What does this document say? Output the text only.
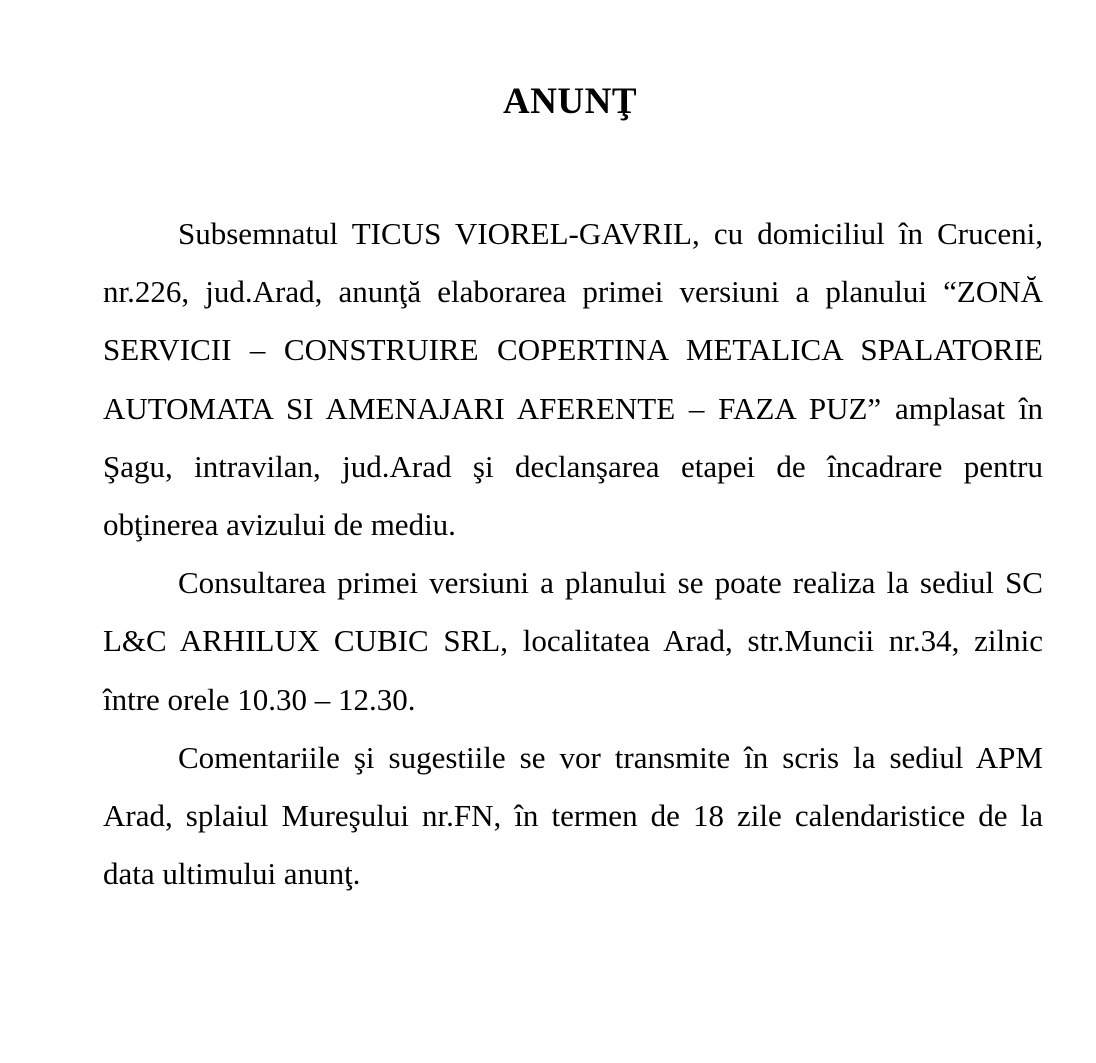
ANUNŢ

Subsemnatul TICUS VIOREL-GAVRIL, cu domiciliul în Cruceni, nr.226, jud.Arad, anunţă elaborarea primei versiuni a planului “ZONĂ SERVICII – CONSTRUIRE COPERTINA METALICA SPALATORIE AUTOMATA SI AMENAJARI AFERENTE – FAZA PUZ” amplasat în Şagu, intravilan, jud.Arad şi declanşarea etapei de încadrare pentru obţinerea avizului de mediu.

Consultarea primei versiuni a planului se poate realiza la sediul SC L&C ARHILUX CUBIC SRL, localitatea Arad, str.Muncii nr.34, zilnic între orele 10.30 – 12.30.

Comentariile şi sugestiile se vor transmite în scris la sediul APM Arad, splaiul Mureşului nr.FN, în termen de 18 zile calendaristice de la data ultimului anunţ.
